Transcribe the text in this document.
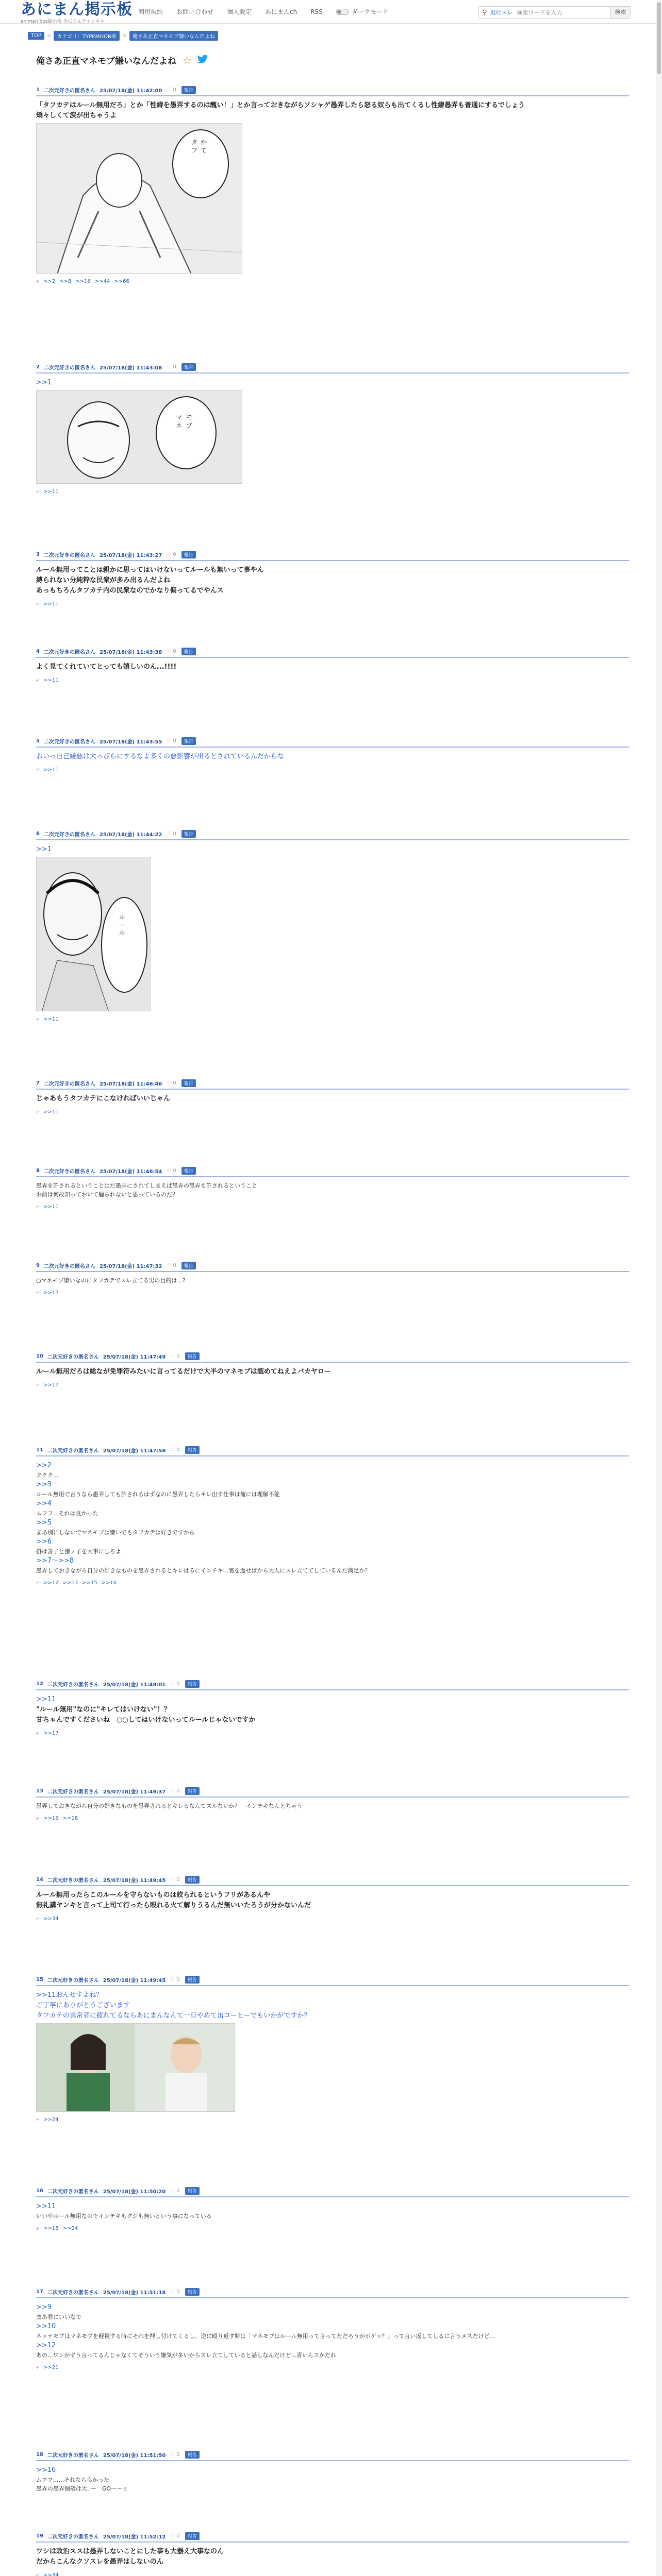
あにまん掲示板
animan bbs掲示板 あにまんチャンネル
利用規約 お問い合わせ 個人設定 あにまんch RSS	ダークモード	⚲ 現行スレ
検索ワードを入力	検索
TOP	>	カテゴリ：TYPEMOON系	>	俺さあ正直マネモブ嫌いなんだよね
俺さあ正直マネモブ嫌いなんだよね ☆
1 二次元好きの匿名さん 25/07/18(金) 11:42:00 ♡ 0	報告
「タフカテはルール無用だろ」とか「性癖を愚弄するのは醜い！」とか言っておきながらソシャゲ愚弄したら怒る奴らも出てくるし性癖愚弄も普通にするでしょう
矯々しくて涙が出ちゃうよ
タ
フ
か
て
⤶ >>2 >>8 >>16 >>44 >>66
2 二次元好きの匿名さん 25/07/18(金) 11:43:08 ♡ 0	報告
>>1
マ
ネ
モ
ブ
⤶ >>11
3 二次元好きの匿名さん 25/07/18(金) 11:43:27 ♡ 0	報告
ルール無用ってことは親かに思ってはいけないってルールも無いって事やん
縛られない分純粋な民衆が多み出るんだよね
あっもちろんタフカテ内の民衆なのでかなり偏ってるでやんス
⤶ >>11
4 二次元好きの匿名さん 25/07/18(金) 11:43:38 ♡ 0	報告
よく見てくれていてとっても嬉しいのん...!!!!
⤶ >>11
5 二次元好きの匿名さん 25/07/18(金) 11:43:55 ♡ 0	報告
おいっ自己嫌悪は大っぴらにするなよ多くの悪影響が出るとされているんだからな
⤶ >>11
6 二次元好きの匿名さん 25/07/18(金) 11:44:22 ♡ 0	報告
>>1
ル
ー
ル
⤶ >>11
7 二次元好きの匿名さん 25/07/18(金) 11:46:46 ♡ 0	報告
じゃあもうタフカテにこなければいいじゃん
⤶ >>11
8 二次元好きの匿名さん 25/07/18(金) 11:46:54 ♡ 0	報告
愚弄を許されるということはだ愚弄にされてしまえば愚弄の愚弄も許されるということ
お前は何故知っておいて騒られないと思っているのだ？
⤶ >>11
9 二次元好きの匿名さん 25/07/18(金) 11:47:32 ♡ 0	報告
○マネモブ嫌いなのにタフカテでスレ立てる男の目的は...?
⤶ >>17
10 二次元好きの匿名さん 25/07/18(金) 11:47:49 ♡ 0	報告
ルール無用だろは総なが免罪符みたいに言ってるだけで大半のマネモブは認めてねえよバカヤロー
⤶ >>17
11 二次元好きの匿名さん 25/07/18(金) 11:47:58 ♡ 0	報告
>>2
ククク...
>>3
ルール無用で言うなら愚弄しても許されるはずなのに愚弄したらキレ出す仕事は俺には理解不能
>>4
ムフフ...それは良かった
>>5
まあ別にしないでマネモブは嫌いでもタフカテは好きですから
>>6
掛は善子と猪ノ子を大事にしろよ
>>7〜>>8
愚弄しておきながら自分の好きなものを愚弄されるとキレはるにインチキ...裏を返せばから大人にスレ立ててしているんだ満足か？
⤶ >>12 >>13 >>15 >>16
12 二次元好きの匿名さん 25/07/18(金) 11:49:01 ♡ 0	報告
>>11
"ルール無用"なのに"キレてはいけない"！？
甘ちゃんですくださいね　○○してはいけないってルールじゃないですか
⤶ >>17
13 二次元好きの匿名さん 25/07/18(金) 11:49:37 ♡ 0	報告
愚弄しておきながら自分の好きなものを愚弄されるとキレるなんてズルないか？　インチキなんとちゃう
⤶ >>16 >>18
14 二次元好きの匿名さん 25/07/18(金) 11:49:45 ♡ 0	報告
ルール無用ったらこのルールを守らないものは絞られるというフリがあるんや
無礼講ヤンキと言って上司て行ったら殴れる火て解りうるんだ無いいたろうが分かないんだ
⤶ >>34
15 二次元好きの匿名さん 25/07/18(金) 11:49:45 ♡ 0	報告
>>11おんせすよね？
ご丁寧にありがとうございます
タフカテの異常者に疲れてるならあにまんなんて一旦やめて缶コーヒーでもいかがですか？
⤶ >>24
16 二次元好きの匿名さん 25/07/18(金) 11:50:20 ♡ 0	報告
>>11
いいやルール無用なのでインチキもグジも無いという事になっている
⤶ >>18 >>24
17 二次元好きの匿名さん 25/07/18(金) 11:51:18 ♡ 0	報告
>>9
まあ君にいいなで
>>10
ネッテモブはマネモブを軽視する時にそれを押し付けてくるし、逆に殴り返す時は「マネモブはルール無用って言ってただろうがボゲッ？」って言い返してしるに言うメスだけど...
>>12
あの...ワンがずう言ってるんじゃなくてそういう嫌気が多いからスレ立てしていると話しなんだけど...喜いんスかだれ
⤶ >>21
18 二次元好きの匿名さん 25/07/18(金) 11:51:50 ♡ 0	報告
>>16
ムフフ......それなら良かった
愚弄の愚弄個殻は大..ー　GO〜〜ぅ
19 二次元好きの匿名さん 25/07/18(金) 11:52:12 ♡ 0	報告
ワシは政治ススは愚弄しないことにした事も大器え大事なのん
だからこんなクソスレを愚弄はしないのん
⤶ >>34
